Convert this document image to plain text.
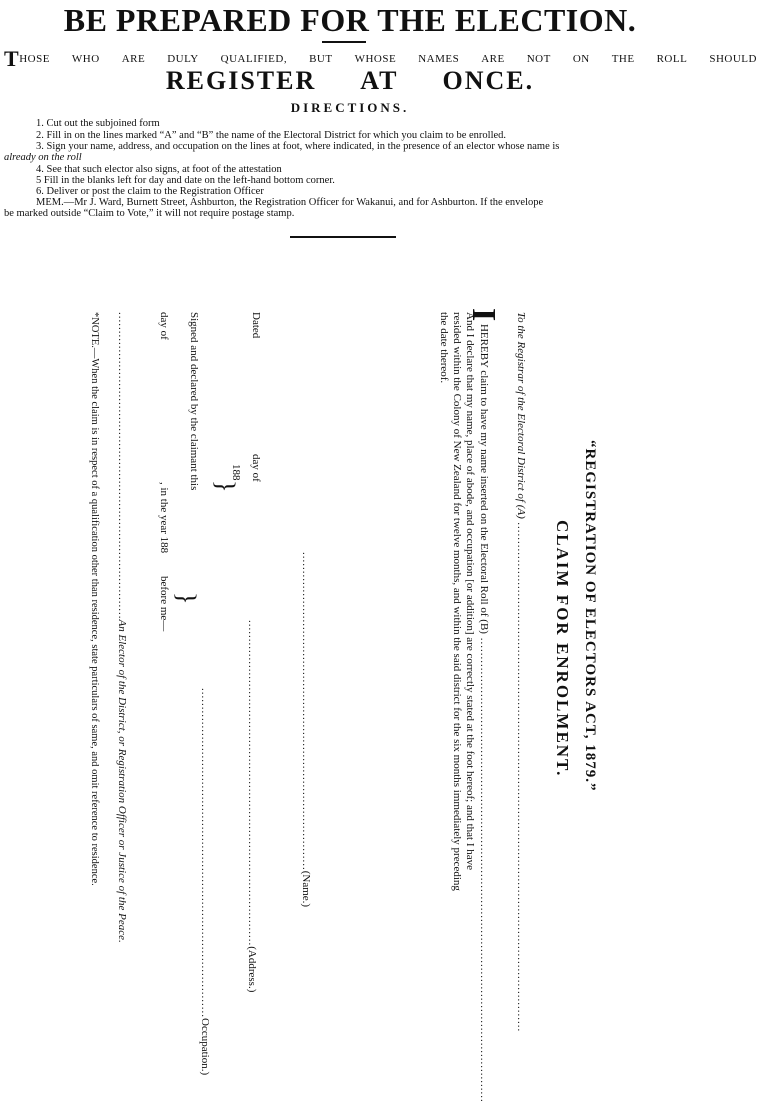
BE PREPARED FOR THE ELECTION.
THOSE WHO ARE DULY QUALIFIED, BUT WHOSE NAMES ARE NOT ON THE ROLL SHOULD
REGISTER AT ONCE.
DIRECTIONS.
1. Cut out the subjoined form
2. Fill in on the lines marked “A” and “B” the name of the Electoral District for which you claim to be enrolled.
3. Sign your name, address, and occupation on the lines at foot, where indicated, in the presence of an elector whose name is
already on the roll
4. See that such elector also signs, at foot of the attestation
5 Fill in the blanks left for day and date on the left-hand bottom corner.
6. Deliver or post the claim to the Registration Officer
MEM.—Mr J. Ward, Burnett Street, Ashburton, the Registration Officer for Wakanui, and for Ashburton. If the envelope
be marked outside “Claim to Vote,” it will not require postage stamp.
“REGISTRATION OF ELECTORS ACT, 1879.”
CLAIM FOR ENROLMENT.
To the Registrar of the Electoral District of (A) ........................................................................................................................................
I HEREBY claim to have my name inserted on the Electoral Roll of (B) ............................................................................................................................
And I declare that my name, place of abode, and occupation [or addition] are correctly stated at the foot hereof; and that I have
resided within the Colony of New Zealand for twelve months, and within the said district for the six months immediately preceding
the date thereof.
.....................................................................................(Name.)
Dated
day of
188
}
.......................................................................................(Address.)
........................................................................................Occupation.)
Signed and declared by the claimant this
day of
, in the year 188
before me— }
..................................................................................An Elector of the District, or Registration Officer or Justice of the Peace.
*NOTE.—When the claim is in respect of a qualification other than residence, state particulars of same, and omit reference to residence.
